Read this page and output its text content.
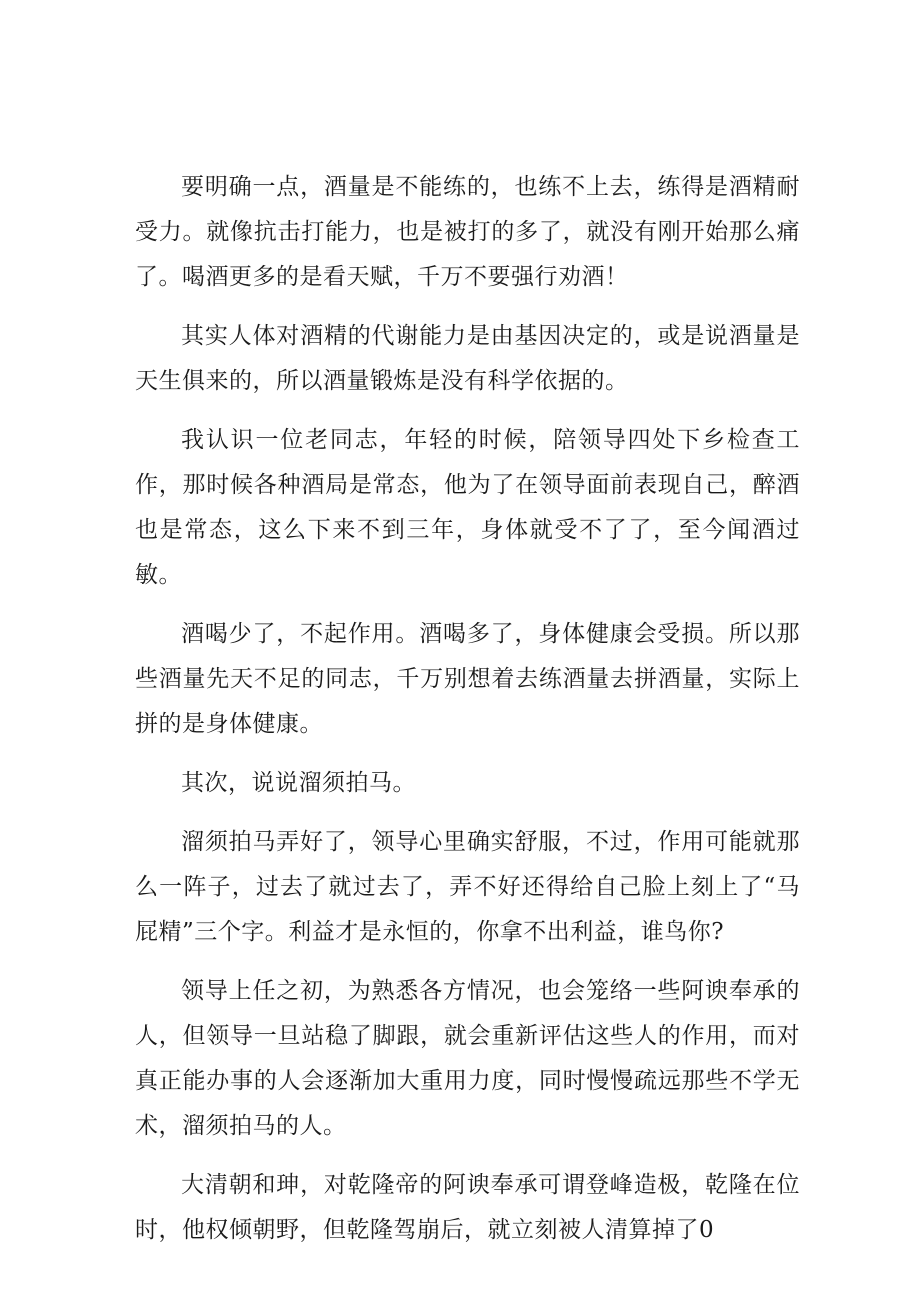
要明确一点，酒量是不能练的，也练不上去，练得是酒精耐受力。就像抗击打能力，也是被打的多了，就没有刚开始那么痛了。喝酒更多的是看天赋，千万不要强行劝酒！

其实人体对酒精的代谢能力是由基因决定的，或是说酒量是天生俱来的，所以酒量锻炼是没有科学依据的。

我认识一位老同志，年轻的时候，陪领导四处下乡检查工作，那时候各种酒局是常态，他为了在领导面前表现自己，醉酒也是常态，这么下来不到三年，身体就受不了了，至今闻酒过敏。

酒喝少了，不起作用。酒喝多了，身体健康会受损。所以那些酒量先天不足的同志，千万别想着去练酒量去拼酒量，实际上拼的是身体健康。

其次，说说溜须拍马。

溜须拍马弄好了，领导心里确实舒服，不过，作用可能就那么一阵子，过去了就过去了，弄不好还得给自己脸上刻上了“马屁精”三个字。利益才是永恒的，你拿不出利益，谁鸟你?

领导上任之初，为熟悉各方情况，也会笼络一些阿谀奉承的人，但领导一旦站稳了脚跟，就会重新评估这些人的作用，而对真正能办事的人会逐渐加大重用力度，同时慢慢疏远那些不学无术，溜须拍马的人。

大清朝和珅，对乾隆帝的阿谀奉承可谓登峰造极，乾隆在位时，他权倾朝野，但乾隆驾崩后，就立刻被人清算掉了0
